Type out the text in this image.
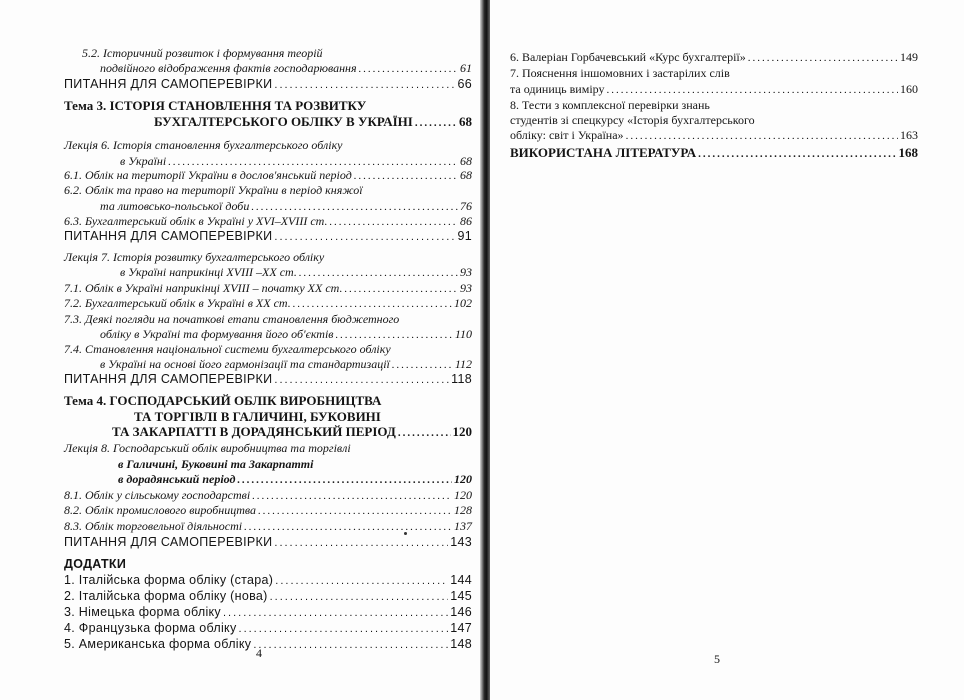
5.2. Історичний розвиток і формування теорій
подвійного відображення фактів господарювання .....	61
ПИТАННЯ ДЛЯ САМОПЕРЕВІРКИ .....	66
Тема 3. ІСТОРІЯ СТАНОВЛЕННЯ ТА РОЗВИТКУ
БУХГАЛТЕРСЬКОГО ОБЛІКУ В УКРАЇНІ .....	68
Лекція 6. Історія становлення бухгалтерського обліку
в Україні .....	68
6.1. Облік на території України в дослов'янський період .....	68
6.2. Облік та право на території України в період княжої
та литовсько-польської доби .....	76
6.3. Бухгалтерський облік в Україні у XVI–XVIII ст. .....	86
ПИТАННЯ ДЛЯ САМОПЕРЕВІРКИ .....	91
Лекція 7. Історія розвитку бухгалтерського обліку
в Україні наприкінці XVIII –XX ст. .....	93
7.1. Облік в Україні наприкінці XVIII – початку XX ст. .....	93
7.2. Бухгалтерський облік в Україні в XX ст. .....	102
7.3. Деякі погляди на початкові етапи становлення бюджетного
обліку в Україні та формування його об'єктів .....	110
7.4. Становлення національної системи бухгалтерського обліку
в Україні на основі його гармонізації та стандартизації .....	112
ПИТАННЯ ДЛЯ САМОПЕРЕВІРКИ .....	118
Тема 4. ГОСПОДАРСЬКИЙ ОБЛІК ВИРОБНИЦТВА
ТА ТОРГІВЛІ В ГАЛИЧИНІ, БУКОВИНІ
ТА ЗАКАРПАТТІ В ДОРАДЯНСЬКИЙ ПЕРІОД .....	120
Лекція 8. Господарський облік виробництва та торгівлі
в Галичині, Буковині та Закарпатті
в дорадянський період .....	120
8.1. Облік у сільському господарстві .....	120
8.2. Облік промислового виробництва .....	128
8.3. Облік торговельної діяльності .....	137
ПИТАННЯ ДЛЯ САМОПЕРЕВІРКИ .....	143
ДОДАТКИ
1. Італійська форма обліку (стара) .....	144
2. Італійська форма обліку (нова) .....	145
3. Німецька форма обліку .....	146
4. Французька форма обліку .....	147
5. Американська форма обліку .....	148
4
6. Валеріан Горбачевський «Курс бухгалтерії» .....	149
7. Пояснення іншомовних і застарілих слів
та одиниць виміру .....	160
8. Тести з комплексної перевірки знань
студентів зі спецкурсу «Історія бухгалтерського
обліку: світ і Україна» .....	163
ВИКОРИСТАНА ЛІТЕРАТУРА .....	168
5
